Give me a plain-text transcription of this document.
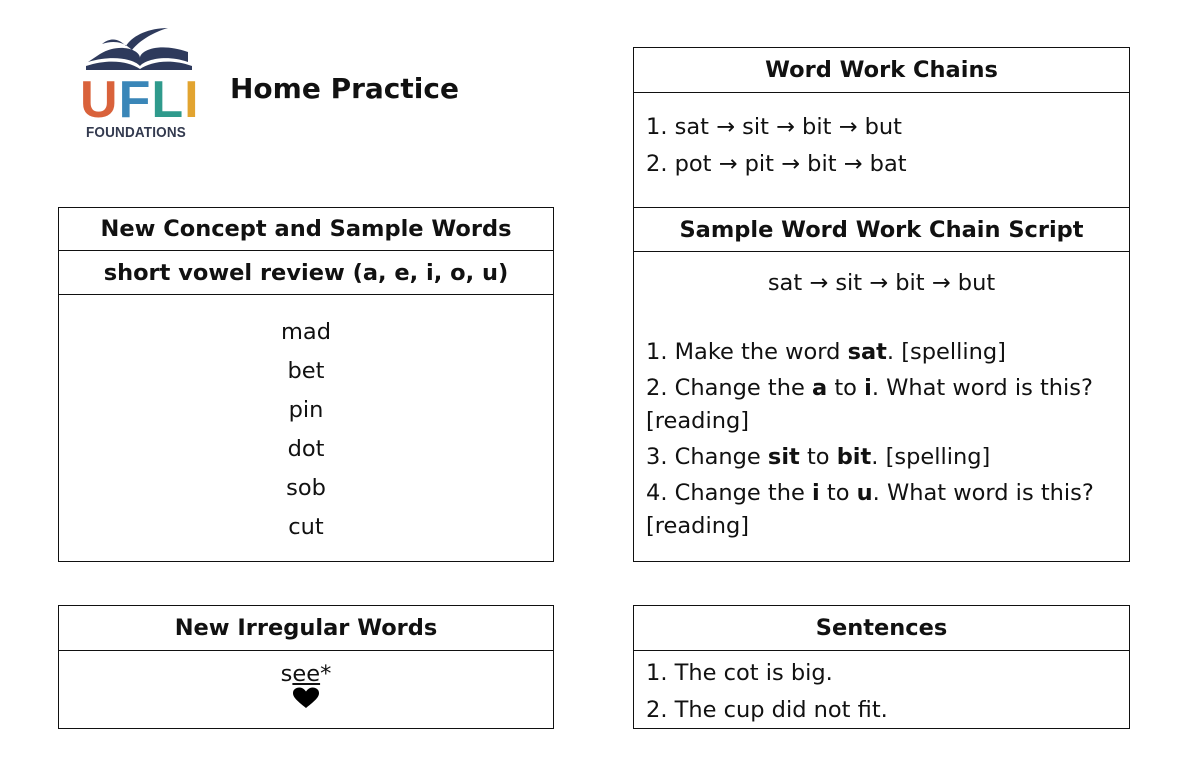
UFLI
FOUNDATIONS
Home Practice
New Concept and Sample Words
short vowel review (a, e, i, o, u)
mad
bet
pin
dot
sob
cut
New Irregular Words
see*
Word Work Chains
1. sat → sit → bit → but
2. pot → pit → bit → bat
Sample Word Work Chain Script
sat → sit → bit → but
1. Make the word sat. [spelling]
2. Change the a to i. What word is this? [reading]
3. Change sit to bit. [spelling]
4. Change the i to u. What word is this? [reading]
Sentences
1. The cot is big.
2. The cup did not fit.
